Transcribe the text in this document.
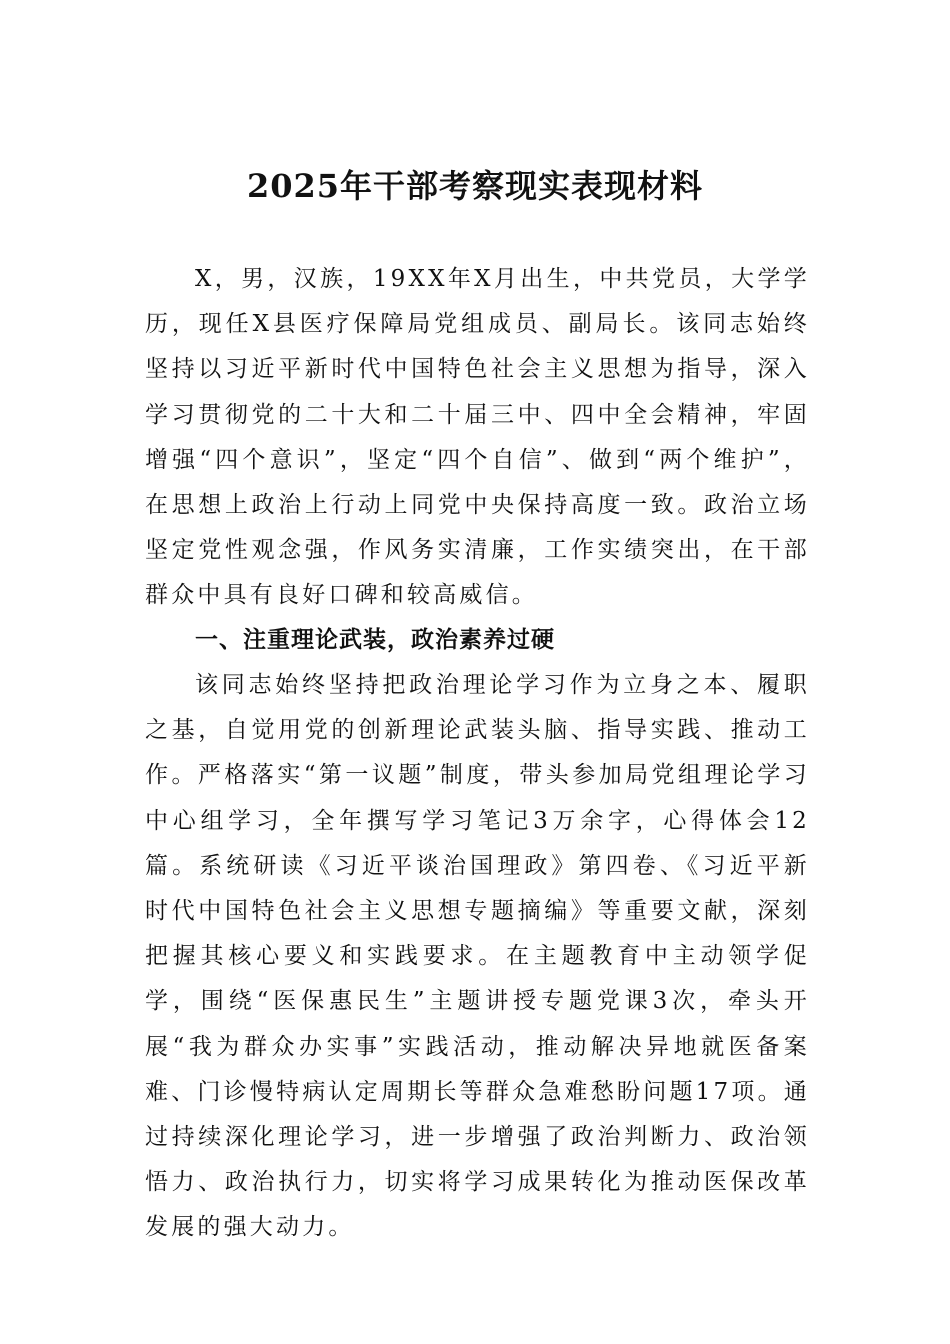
2025年干部考察现实表现材料

X，男，汉族，19XX年X月出生，中共党员，大学学历，现任X县医疗保障局党组成员、副局长。该同志始终坚持以习近平新时代中国特色社会主义思想为指导，深入学习贯彻党的二十大和二十届三中、四中全会精神，牢固增强“四个意识”，坚定“四个自信”、做到“两个维护”，在思想上政治上行动上同党中央保持高度一致。政治立场坚定党性观念强，作风务实清廉，工作实绩突出，在干部群众中具有良好口碑和较高威信。

一、注重理论武装，政治素养过硬

该同志始终坚持把政治理论学习作为立身之本、履职之基，自觉用党的创新理论武装头脑、指导实践、推动工作。严格落实“第一议题”制度，带头参加局党组理论学习中心组学习，全年撰写学习笔记3万余字，心得体会12篇。系统研读《习近平谈治国理政》第四卷、《习近平新时代中国特色社会主义思想专题摘编》等重要文献，深刻把握其核心要义和实践要求。在主题教育中主动领学促学，围绕“医保惠民生”主题讲授专题党课3次，牵头开展“我为群众办实事”实践活动，推动解决异地就医备案难、门诊慢特病认定周期长等群众急难愁盼问题17项。通过持续深化理论学习，进一步增强了政治判断力、政治领悟力、政治执行力，切实将学习成果转化为推动医保改革发展的强大动力。
